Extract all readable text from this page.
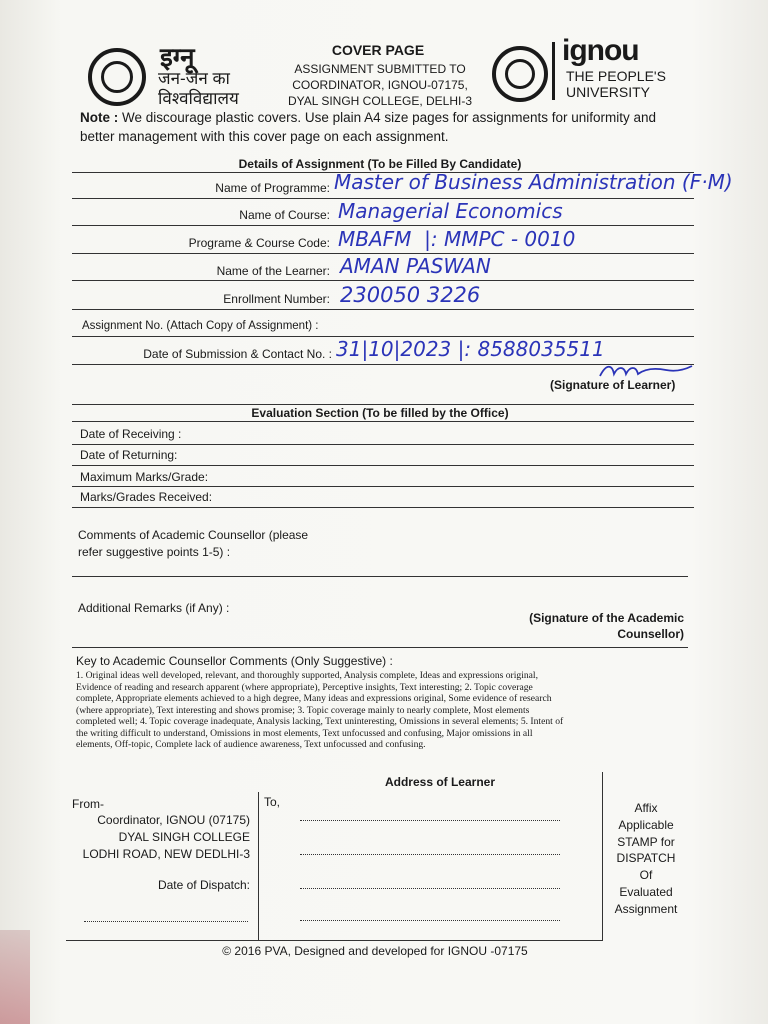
इग्नू
जन-जन का
विश्वविद्यालय
COVER PAGE
ASSIGNMENT SUBMITTED TO
COORDINATOR, IGNOU-07175,
DYAL SINGH COLLEGE, DELHI-3
ignou
THE PEOPLE'S
UNIVERSITY
Note : We discourage plastic covers. Use plain A4 size pages for assignments for uniformity and
better management with this cover page on each assignment.
Details of Assignment (To be Filled By Candidate)
Name of Programme: Master of Business Administration (F·M)
Name of Course: Managerial Economics
Programe & Course Code: MBAFM  |: MMPC - 0010
Name of the Learner: AMAN PASWAN
Enrollment Number: 230050 3226
Assignment No. (Attach Copy of Assignment) :
Date of Submission & Contact No. : 31|10|2023 |: 8588035511
(Signature of Learner)
Evaluation Section (To be filled by the Office)
Date of Receiving :
Date of Returning:
Maximum Marks/Grade:
Marks/Grades Received:
Comments of Academic Counsellor (please
refer suggestive points 1-5) :
Additional Remarks (if Any) :
(Signature of the Academic
Counsellor)
Key to Academic Counsellor Comments (Only Suggestive) :
1. Original ideas well developed, relevant, and thoroughly supported, Analysis complete, Ideas and expressions original,
Evidence of reading and research apparent (where appropriate), Perceptive insights, Text interesting; 2. Topic coverage
complete, Appropriate elements achieved to a high degree, Many ideas and expressions original, Some evidence of research
(where appropriate), Text interesting and shows promise; 3. Topic coverage mainly to nearly complete, Most elements
completed well; 4. Topic coverage inadequate, Analysis lacking, Text uninteresting, Omissions in several elements; 5. Intent of
the writing difficult to understand, Omissions in most elements, Text unfocussed and confusing, Major omissions in all
elements, Off-topic, Complete lack of audience awareness, Text unfocussed and confusing.
Address of Learner
From-
Coordinator, IGNOU (07175)
DYAL SINGH COLLEGE
LODHI ROAD, NEW DEDLHI-3
Date of Dispatch:
To,	Affix
Applicable
STAMP for
DISPATCH
Of
Evaluated
Assignment
© 2016 PVA, Designed and developed for IGNOU -07175
